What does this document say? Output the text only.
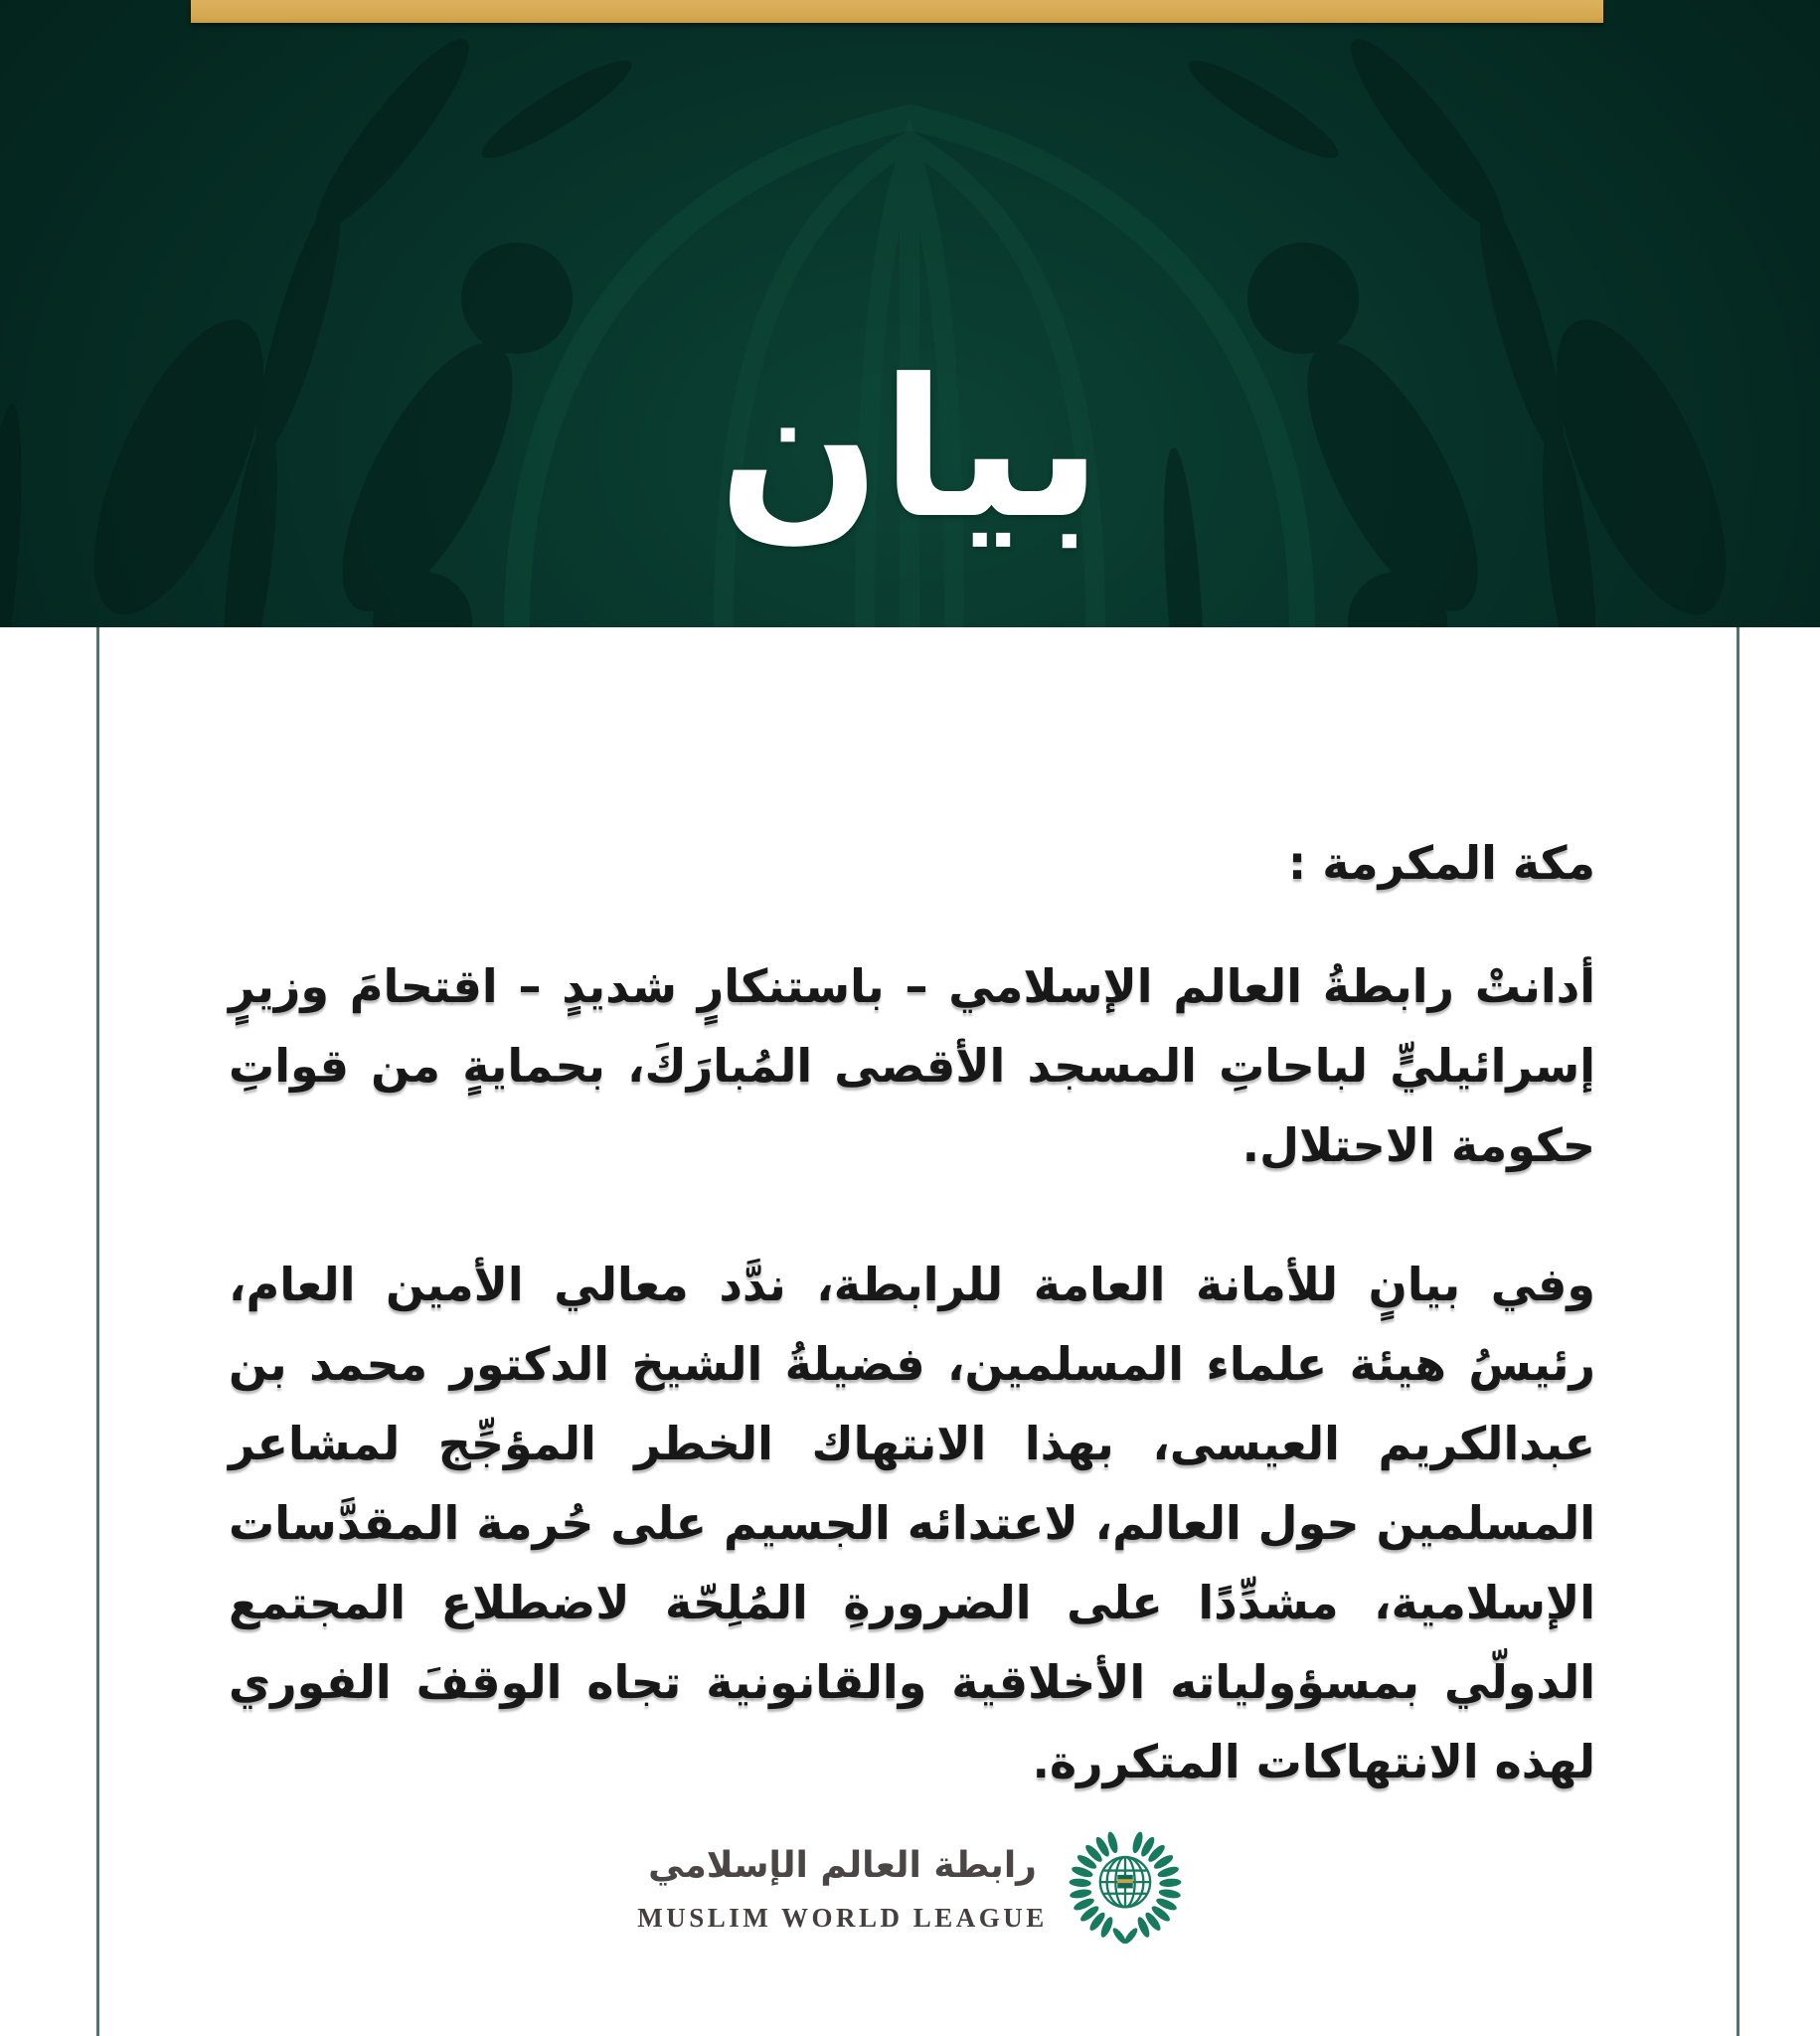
بيان
مكة المكرمة :
أدانتْ رابطةُ العالم الإسلامي – باستنكارٍ شديدٍ – اقتحامَ وزيرٍ إسرائيليٍّ لباحاتِ المسجد الأقصى المُبارَكَ، بحمايةٍ من قواتِ حكومة الاحتلال.
وفي بيانٍ للأمانة العامة للرابطة، ندَّد معالي الأمين العام، رئيسُ هيئة علماء المسلمين، فضيلةُ الشيخ الدكتور محمد بن عبدالكريم العيسى، بهذا الانتهاك الخطر المؤجِّج لمشاعر المسلمين حول العالم، لاعتدائه الجسيم على حُرمة المقدَّسات الإسلامية، مشدِّدًا على الضرورةِ المُلِحّة لاضطلاع المجتمع الدولّي بمسؤولياته الأخلاقية والقانونية تجاه الوقفَ الفوري لهذه الانتهاكات المتكررة.
رابطة العالم الإسلامي
MUSLIM WORLD LEAGUE
